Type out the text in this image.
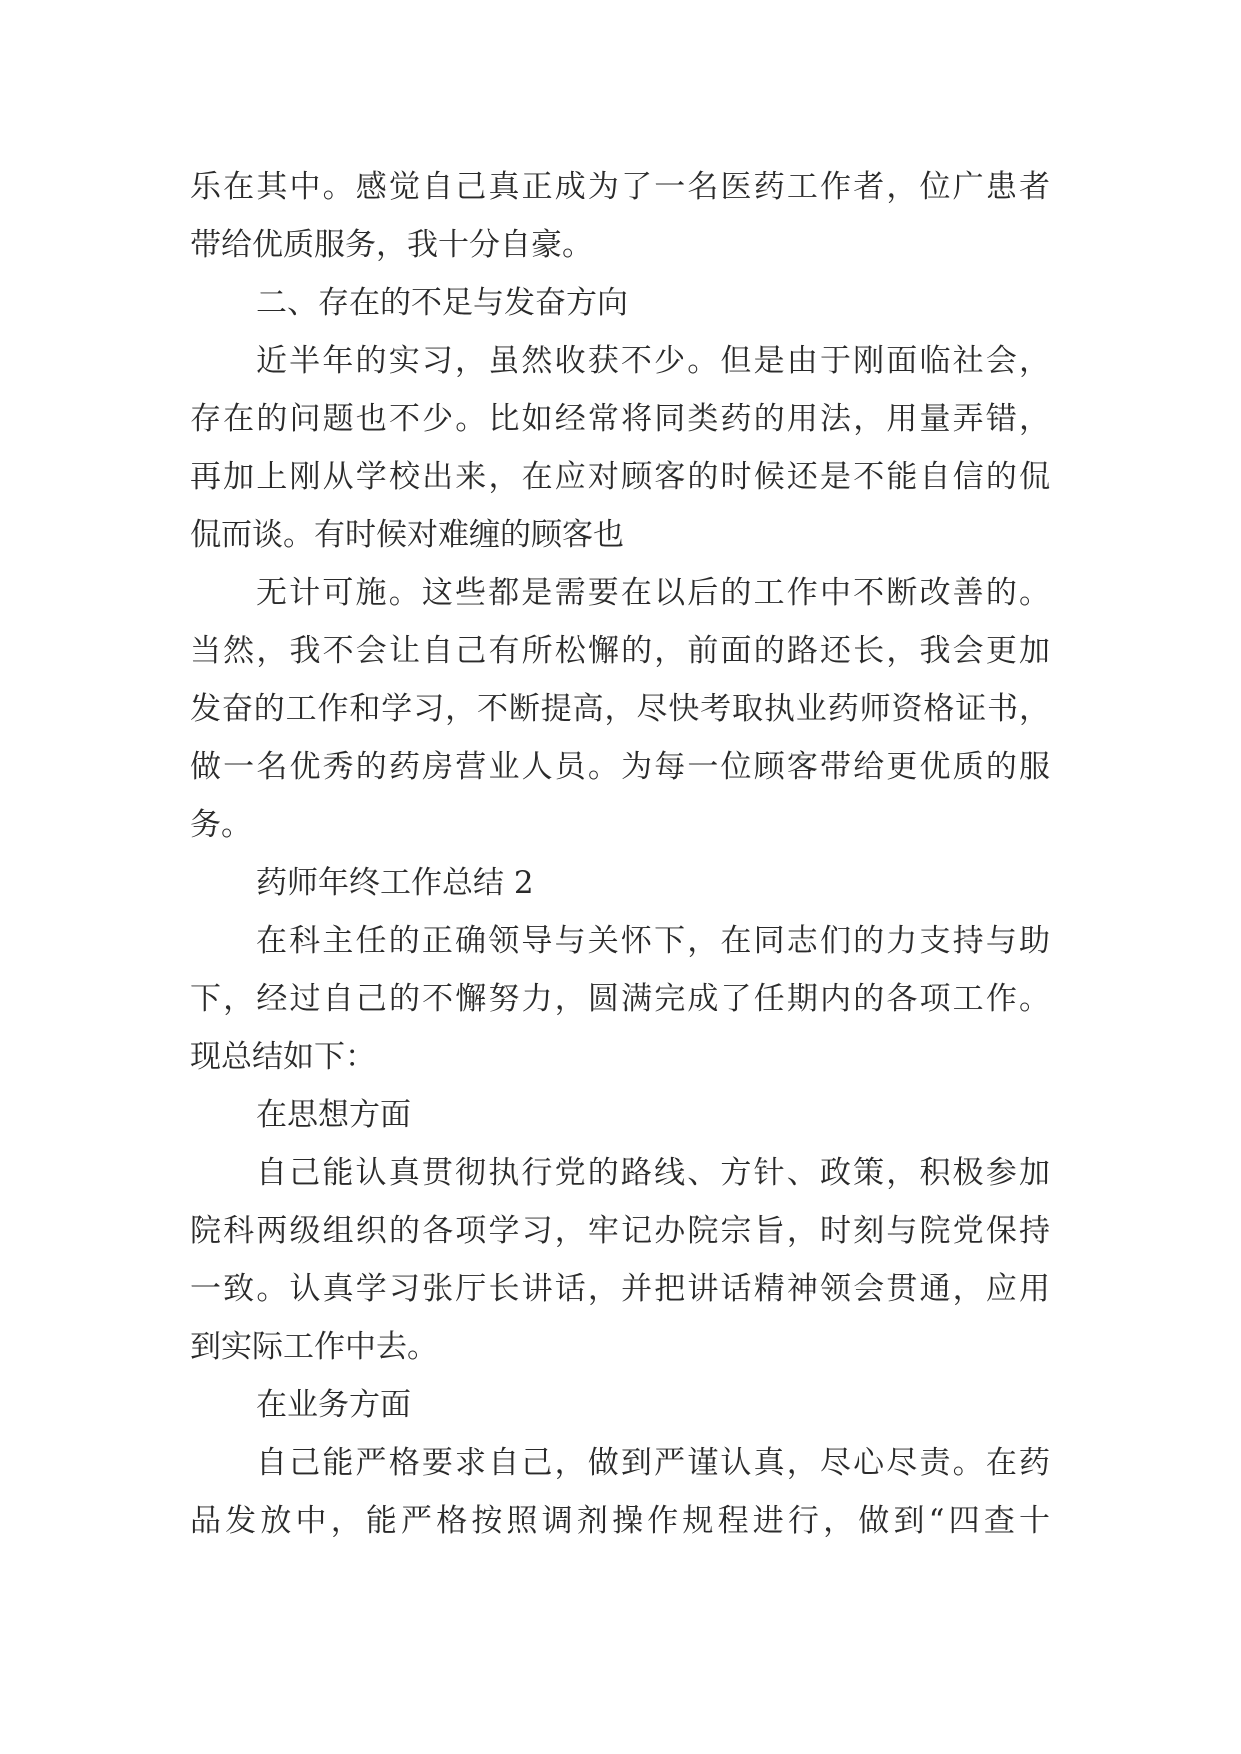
乐在其中。感觉自己真正成为了一名医药工作者，位广患者
带给优质服务，我十分自豪。
二、存在的不足与发奋方向
近半年的实习，虽然收获不少。但是由于刚面临社会，
存在的问题也不少。比如经常将同类药的用法，用量弄错，
再加上刚从学校出来，在应对顾客的时候还是不能自信的侃
侃而谈。有时候对难缠的顾客也
无计可施。这些都是需要在以后的工作中不断改善的。
当然，我不会让自己有所松懈的，前面的路还长，我会更加
发奋的工作和学习，不断提高，尽快考取执业药师资格证书，
做一名优秀的药房营业人员。为每一位顾客带给更优质的服
务。
药师年终工作总结 2
在科主任的正确领导与关怀下，在同志们的力支持与助
下，经过自己的不懈努力，圆满完成了任期内的各项工作。
现总结如下：
在思想方面
自己能认真贯彻执行党的路线、方针、政策，积极参加
院科两级组织的各项学习，牢记办院宗旨，时刻与院党保持
一致。认真学习张厅长讲话，并把讲话精神领会贯通，应用
到实际工作中去。
在业务方面
自己能严格要求自己，做到严谨认真，尽心尽责。在药
品发放中，能严格按照调剂操作规程进行，做到“四查十
